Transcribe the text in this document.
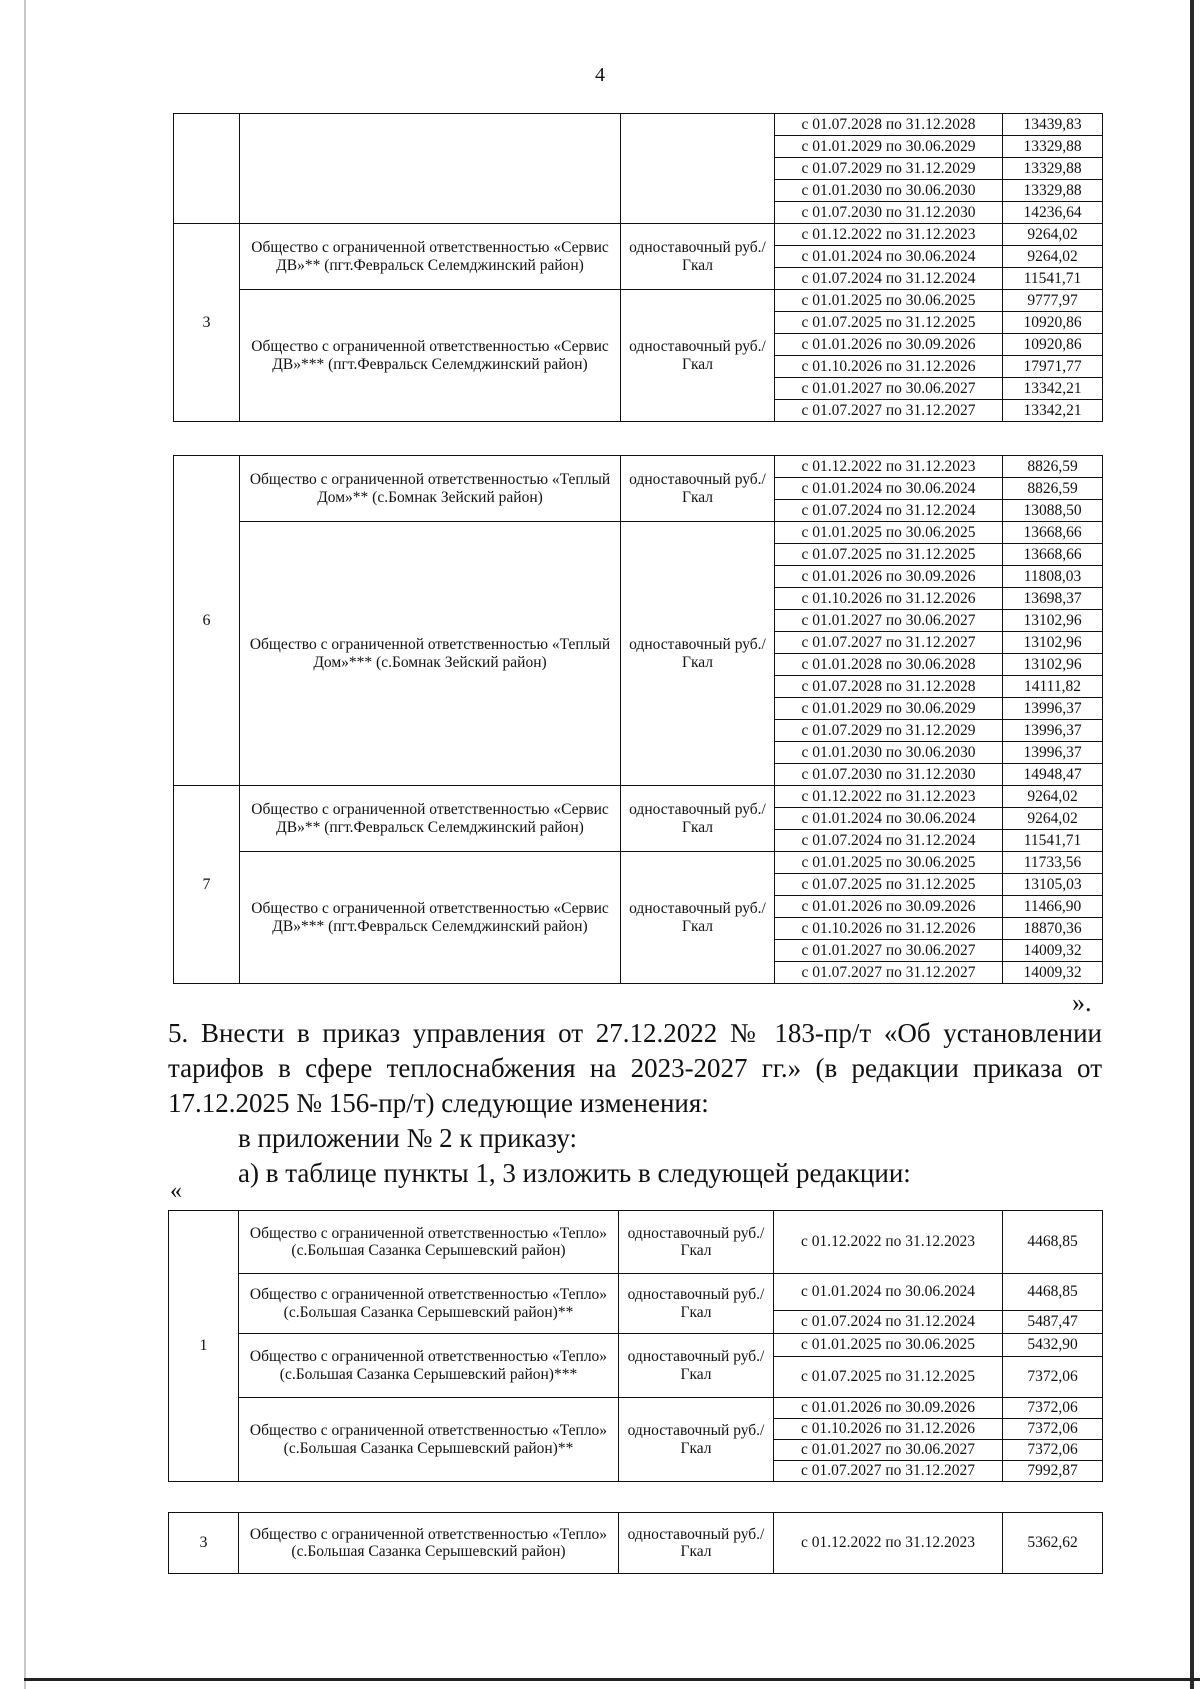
4
			с 01.07.2028 по 31.12.2028	13439,83
			с 01.01.2029 по 30.06.2029	13329,88
			с 01.07.2029 по 31.12.2029	13329,88
			с 01.01.2030 по 30.06.2030	13329,88
			с 01.07.2030 по 31.12.2030	14236,64
3	Общество с ограниченной ответственностью «Сервис ДВ»** (пгт.Февральск Селемджинский район)	одноставочный руб./Гкал	с 01.12.2022 по 31.12.2023	9264,02
			с 01.01.2024 по 30.06.2024	9264,02
			с 01.07.2024 по 31.12.2024	11541,71
	Общество с ограниченной ответственностью «Сервис ДВ»*** (пгт.Февральск Селемджинский район)	одноставочный руб./Гкал	с 01.01.2025 по 30.06.2025	9777,97
			с 01.07.2025 по 31.12.2025	10920,86
			с 01.01.2026 по 30.09.2026	10920,86
			с 01.10.2026 по 31.12.2026	17971,77
			с 01.01.2027 по 30.06.2027	13342,21
			с 01.07.2027 по 31.12.2027	13342,21
6	Общество с ограниченной ответственностью «Теплый Дом»** (с.Бомнак Зейский район)	одноставочный руб./Гкал	с 01.12.2022 по 31.12.2023	8826,59
			с 01.01.2024 по 30.06.2024	8826,59
			с 01.07.2024 по 31.12.2024	13088,50
	Общество с ограниченной ответственностью «Теплый Дом»*** (с.Бомнак Зейский район)	одноставочный руб./Гкал	с 01.01.2025 по 30.06.2025	13668,66
			с 01.07.2025 по 31.12.2025	13668,66
			с 01.01.2026 по 30.09.2026	11808,03
			с 01.10.2026 по 31.12.2026	13698,37
			с 01.01.2027 по 30.06.2027	13102,96
			с 01.07.2027 по 31.12.2027	13102,96
			с 01.01.2028 по 30.06.2028	13102,96
			с 01.07.2028 по 31.12.2028	14111,82
			с 01.01.2029 по 30.06.2029	13996,37
			с 01.07.2029 по 31.12.2029	13996,37
			с 01.01.2030 по 30.06.2030	13996,37
			с 01.07.2030 по 31.12.2030	14948,47
7	Общество с ограниченной ответственностью «Сервис ДВ»** (пгт.Февральск Селемджинский район)	одноставочный руб./Гкал	с 01.12.2022 по 31.12.2023	9264,02
			с 01.01.2024 по 30.06.2024	9264,02
			с 01.07.2024 по 31.12.2024	11541,71
	Общество с ограниченной ответственностью «Сервис ДВ»*** (пгт.Февральск Селемджинский район)	одноставочный руб./Гкал	с 01.01.2025 по 30.06.2025	11733,56
			с 01.07.2025 по 31.12.2025	13105,03
			с 01.01.2026 по 30.09.2026	11466,90
			с 01.10.2026 по 31.12.2026	18870,36
			с 01.01.2027 по 30.06.2027	14009,32
			с 01.07.2027 по 31.12.2027	14009,32
».
5. Внести в приказ управления от 27.12.2022 № 183-пр/т «Об установлении тарифов в сфере теплоснабжения на 2023-2027 гг.» (в редакции приказа от 17.12.2025 № 156-пр/т) следующие изменения:
в приложении № 2 к приказу:
а) в таблице пункты 1, 3 изложить в следующей редакции:
«
1	Общество с ограниченной ответственностью «Тепло» (с.Большая Сазанка Серышевский район)	одноставочный руб./Гкал	с 01.12.2022 по 31.12.2023	4468,85
	Общество с ограниченной ответственностью «Тепло» (с.Большая Сазанка Серышевский район)**	одноставочный руб./Гкал	с 01.01.2024 по 30.06.2024	4468,85
			с 01.07.2024 по 31.12.2024	5487,47
	Общество с ограниченной ответственностью «Тепло» (с.Большая Сазанка Серышевский район)***	одноставочный руб./Гкал	с 01.01.2025 по 30.06.2025	5432,90
			с 01.07.2025 по 31.12.2025	7372,06
	Общество с ограниченной ответственностью «Тепло» (с.Большая Сазанка Серышевский район)**	одноставочный руб./Гкал	с 01.01.2026 по 30.09.2026	7372,06
			с 01.10.2026 по 31.12.2026	7372,06
			с 01.01.2027 по 30.06.2027	7372,06
			с 01.07.2027 по 31.12.2027	7992,87
3	Общество с ограниченной ответственностью «Тепло» (с.Большая Сазанка Серышевский район)	одноставочный руб./Гкал	с 01.12.2022 по 31.12.2023	5362,62
